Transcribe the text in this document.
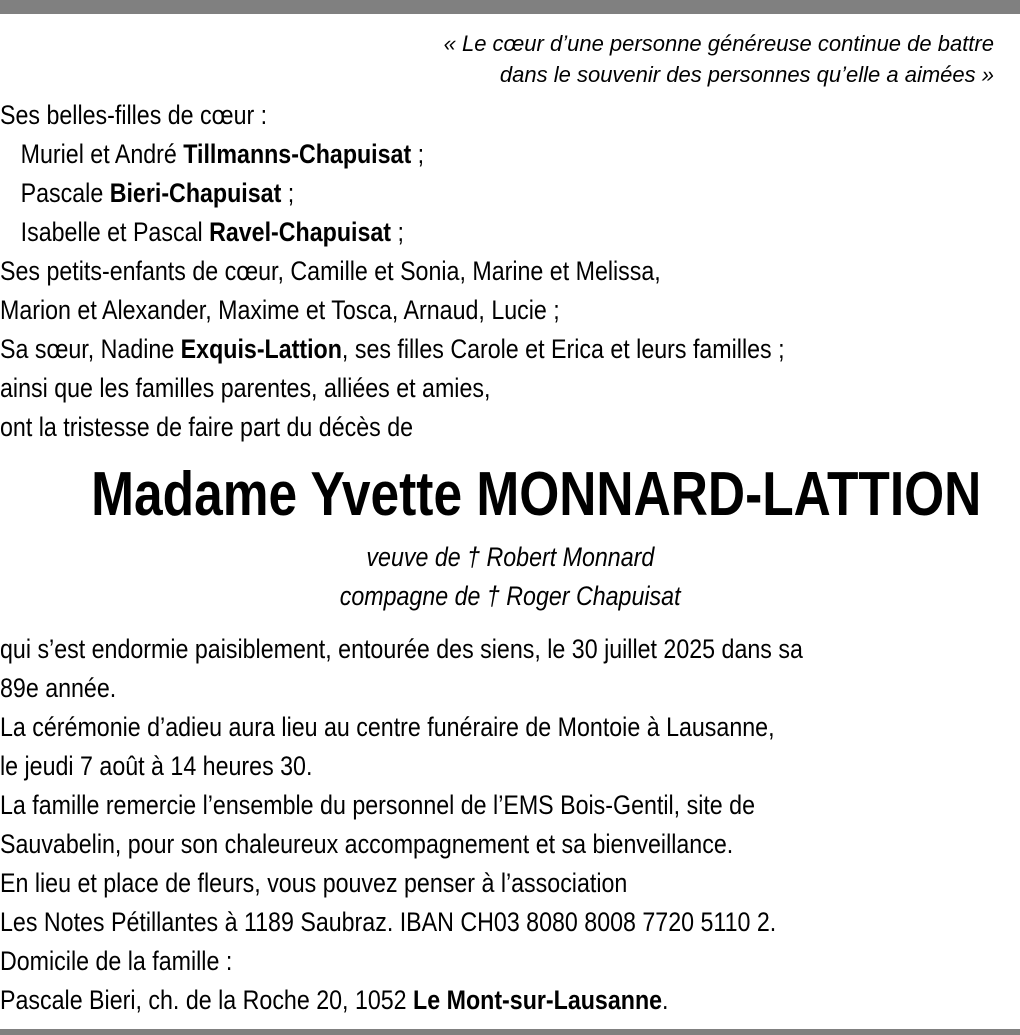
« Le cœur d’une personne généreuse continue de battre
dans le souvenir des personnes qu’elle a aimées »
Ses belles-filles de cœur :
Muriel et André Tillmanns-Chapuisat ;
Pascale Bieri-Chapuisat ;
Isabelle et Pascal Ravel-Chapuisat ;
Ses petits-enfants de cœur, Camille et Sonia, Marine et Melissa,
Marion et Alexander, Maxime et Tosca, Arnaud, Lucie ;
Sa sœur, Nadine Exquis-Lattion, ses filles Carole et Erica et leurs familles ;
ainsi que les familles parentes, alliées et amies,
ont la tristesse de faire part du décès de
Madame Yvette MONNARD-LATTION
veuve de † Robert Monnard
compagne de † Roger Chapuisat
qui s’est endormie paisiblement, entourée des siens, le 30 juillet 2025 dans sa
89e année.
La cérémonie d’adieu aura lieu au centre funéraire de Montoie à Lausanne,
le jeudi 7 août à 14 heures 30.
La famille remercie l’ensemble du personnel de l’EMS Bois-Gentil, site de
Sauvabelin, pour son chaleureux accompagnement et sa bienveillance.
En lieu et place de fleurs, vous pouvez penser à l’association
Les Notes Pétillantes à 1189 Saubraz. IBAN CH03 8080 8008 7720 5110 2.
Domicile de la famille :
Pascale Bieri, ch. de la Roche 20, 1052 Le Mont-sur-Lausanne.
